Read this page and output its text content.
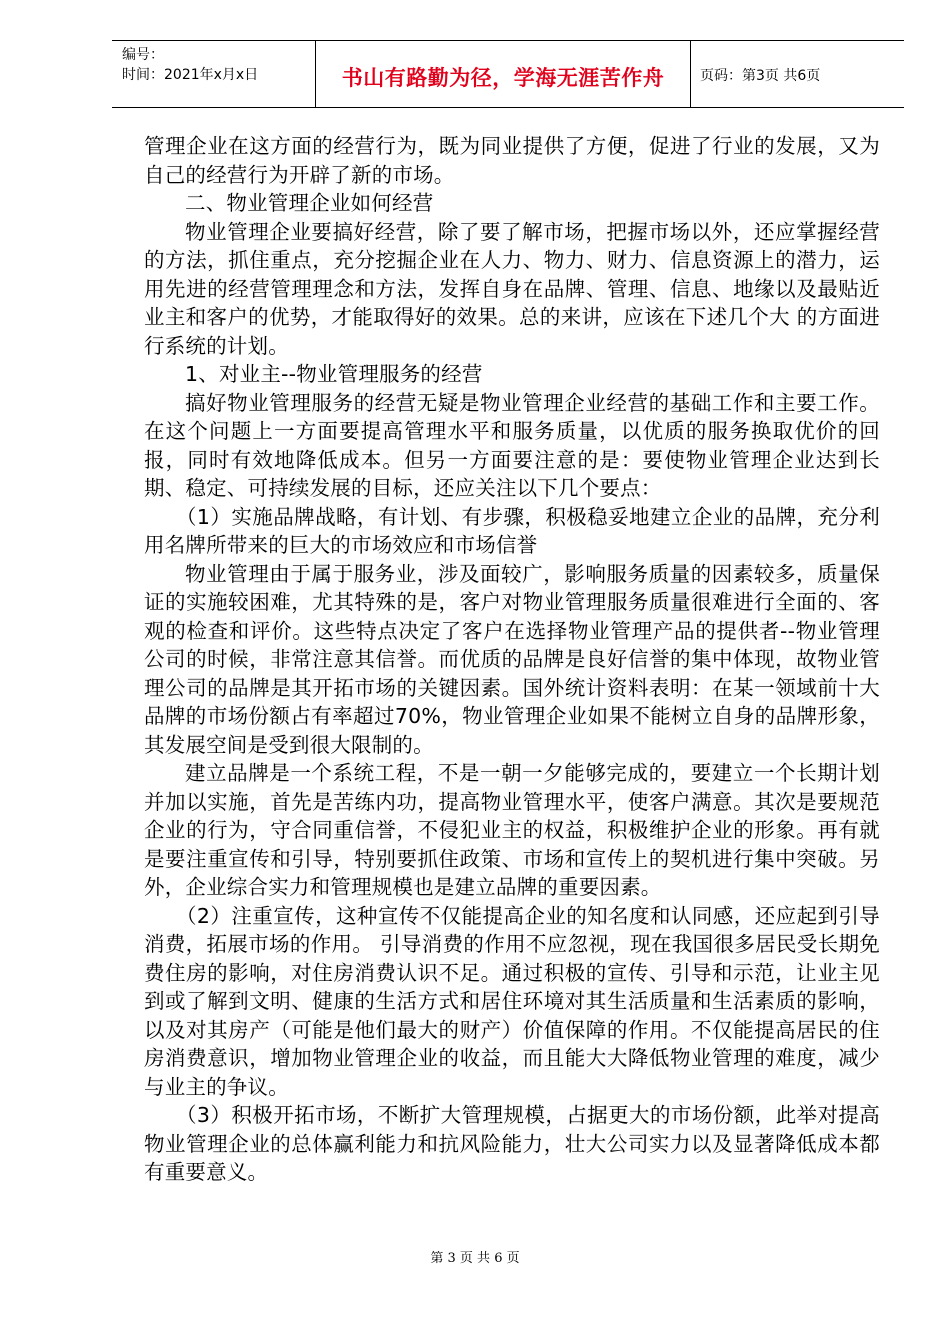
编号：
时间：2021年x月x日	书山有路勤为径，学海无涯苦作舟	页码：第3页 共6页

管理企业在这方面的经营行为，既为同业提供了方便，促进了行业的发展，又为自己的经营行为开辟了新的市场。

二、物业管理企业如何经营

物业管理企业要搞好经营，除了要了解市场，把握市场以外，还应掌握经营的方法，抓住重点，充分挖掘企业在人力、物力、财力、信息资源上的潜力，运用先进的经营管理理念和方法，发挥自身在品牌、管理、信息、地缘以及最贴近业主和客户的优势，才能取得好的效果。总的来讲，应该在下述几个大 的方面进行系统的计划。

1、对业主--物业管理服务的经营

搞好物业管理服务的经营无疑是物业管理企业经营的基础工作和主要工作。在这个问题上一方面要提高管理水平和服务质量，以优质的服务换取优价的回报，同时有效地降低成本。但另一方面要注意的是：要使物业管理企业达到长期、稳定、可持续发展的目标，还应关注以下几个要点：

（1）实施品牌战略，有计划、有步骤，积极稳妥地建立企业的品牌，充分利用名牌所带来的巨大的市场效应和市场信誉

物业管理由于属于服务业，涉及面较广，影响服务质量的因素较多，质量保证的实施较困难，尤其特殊的是，客户对物业管理服务质量很难进行全面的、客观的检查和评价。这些特点决定了客户在选择物业管理产品的提供者--物业管理公司的时候，非常注意其信誉。而优质的品牌是良好信誉的集中体现，故物业管理公司的品牌是其开拓市场的关键因素。国外统计资料表明：在某一领域前十大品牌的市场份额占有率超过70%，物业管理企业如果不能树立自身的品牌形象，其发展空间是受到很大限制的。

建立品牌是一个系统工程，不是一朝一夕能够完成的，要建立一个长期计划并加以实施，首先是苦练内功，提高物业管理水平，使客户满意。其次是要规范企业的行为，守合同重信誉，不侵犯业主的权益，积极维护企业的形象。再有就是要注重宣传和引导，特别要抓住政策、市场和宣传上的契机进行集中突破。另外，企业综合实力和管理规模也是建立品牌的重要因素。

（2）注重宣传，这种宣传不仅能提高企业的知名度和认同感，还应起到引导消费，拓展市场的作用。 引导消费的作用不应忽视，现在我国很多居民受长期免费住房的影响，对住房消费认识不足。通过积极的宣传、引导和示范，让业主见到或了解到文明、健康的生活方式和居住环境对其生活质量和生活素质的影响，以及对其房产（可能是他们最大的财产）价值保障的作用。不仅能提高居民的住房消费意识，增加物业管理企业的收益，而且能大大降低物业管理的难度，减少与业主的争议。

（3）积极开拓市场，不断扩大管理规模，占据更大的市场份额，此举对提高物业管理企业的总体赢利能力和抗风险能力，壮大公司实力以及显著降低成本都有重要意义。

第 3 页 共 6 页
